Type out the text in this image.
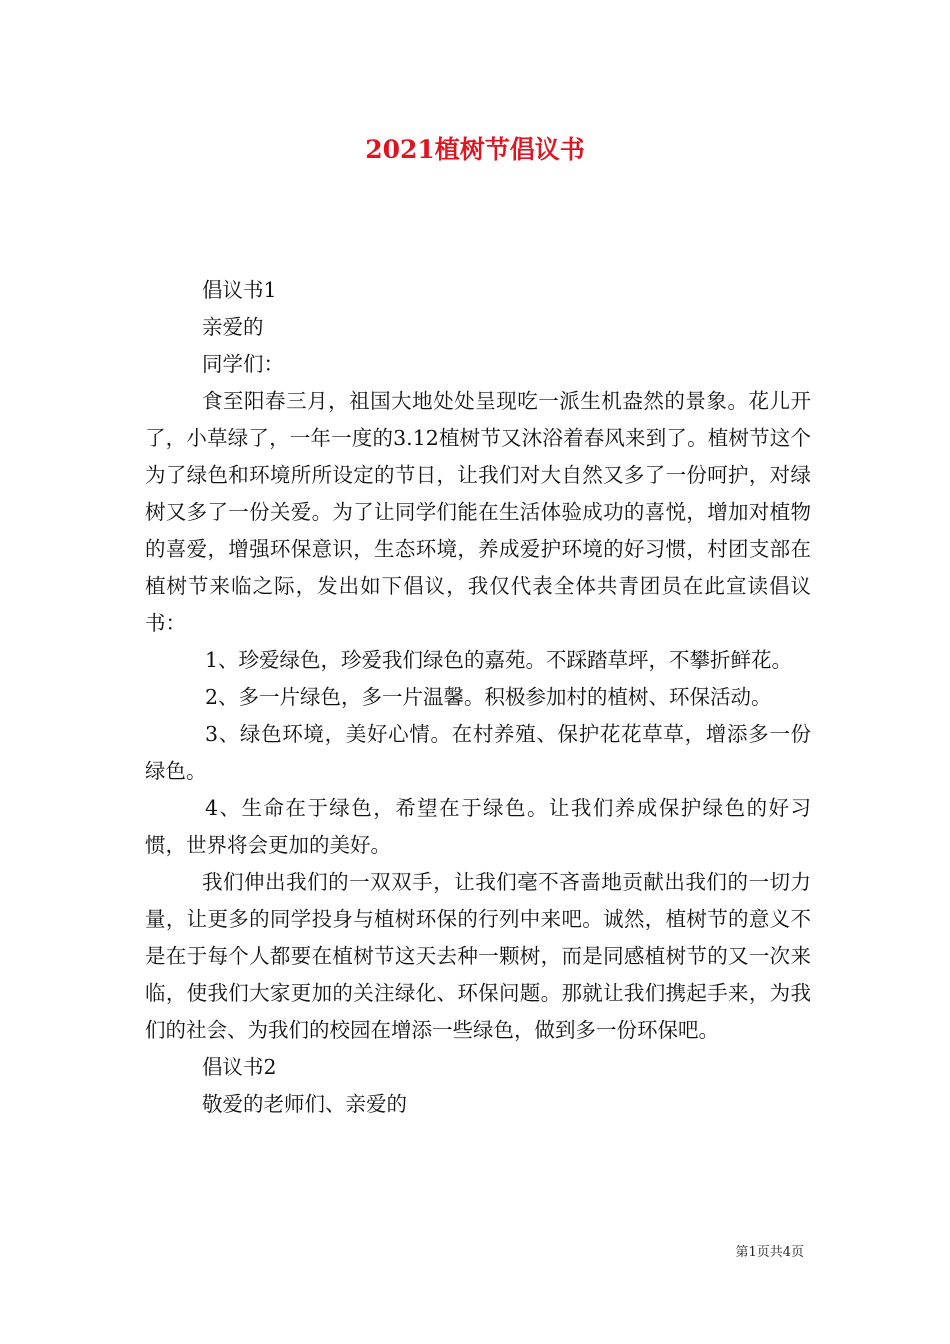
2021植树节倡议书

倡议书1

亲爱的

同学们：

食至阳春三月，祖国大地处处呈现吃一派生机盎然的景象。花儿开了，小草绿了，一年一度的3.12植树节又沐浴着春风来到了。植树节这个为了绿色和环境所所设定的节日，让我们对大自然又多了一份呵护，对绿树又多了一份关爱。为了让同学们能在生活体验成功的喜悦，增加对植物的喜爱，增强环保意识，生态环境，养成爱护环境的好习惯，村团支部在植树节来临之际，发出如下倡议，我仅代表全体共青团员在此宣读倡议书：

1、珍爱绿色，珍爱我们绿色的嘉苑。不踩踏草坪，不攀折鲜花。

2、多一片绿色，多一片温馨。积极参加村的植树、环保活动。

3、绿色环境，美好心情。在村养殖、保护花花草草，增添多一份绿色。

4、生命在于绿色，希望在于绿色。让我们养成保护绿色的好习惯，世界将会更加的美好。

我们伸出我们的一双双手，让我们毫不吝啬地贡献出我们的一切力量，让更多的同学投身与植树环保的行列中来吧。诚然，植树节的意义不是在于每个人都要在植树节这天去种一颗树，而是同感植树节的又一次来临，使我们大家更加的关注绿化、环保问题。那就让我们携起手来，为我们的社会、为我们的校园在增添一些绿色，做到多一份环保吧。

倡议书2

敬爱的老师们、亲爱的

第1页共4页
